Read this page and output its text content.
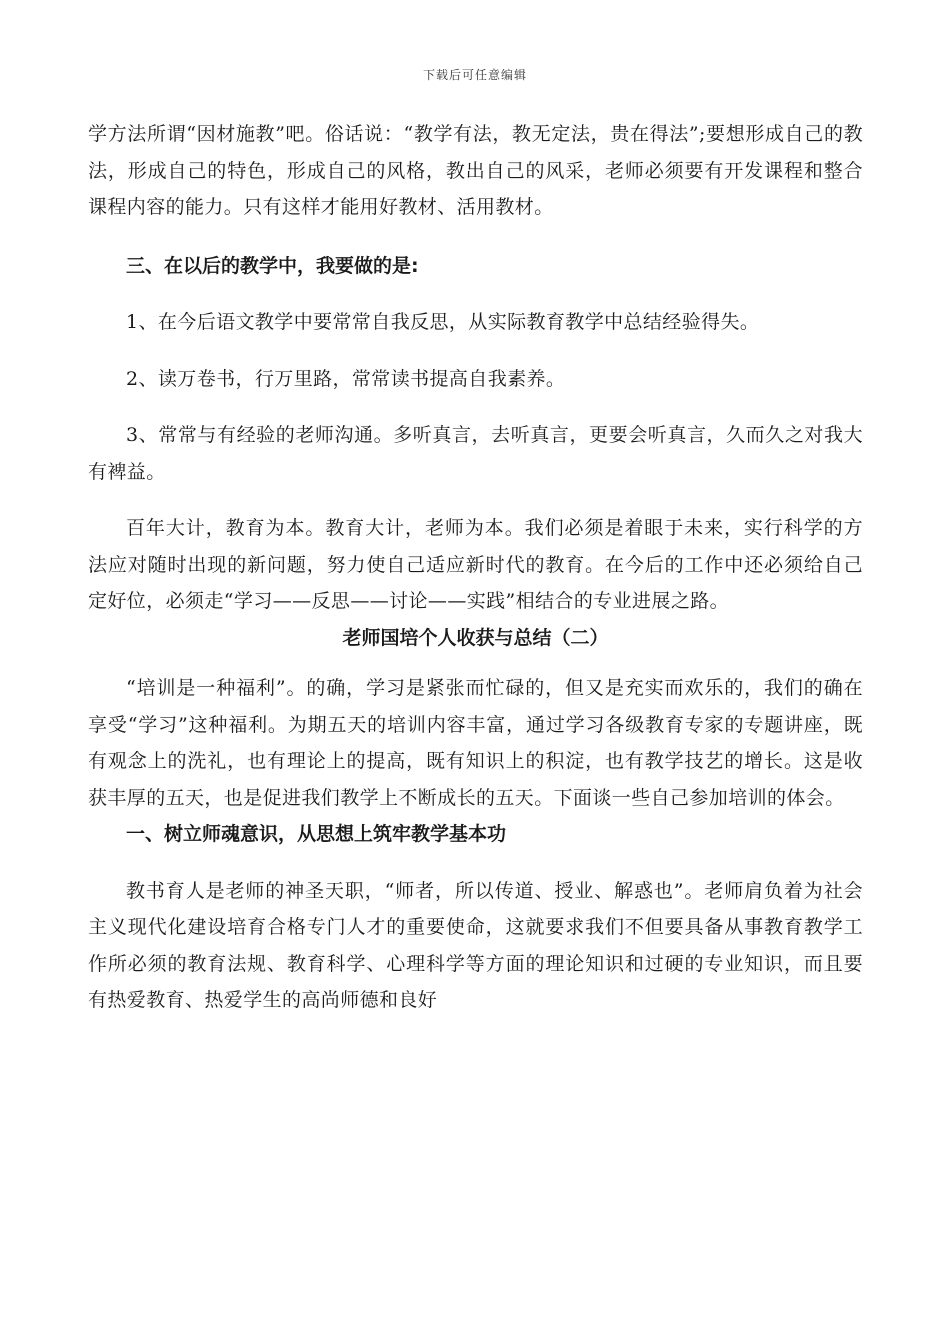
下载后可任意编辑

学方法所谓“因材施教”吧。俗话说：“教学有法，教无定法，贵在得法”;要想形成自己的教法，形成自己的特色，形成自己的风格，教出自己的风采，老师必须要有开发课程和整合课程内容的能力。只有这样才能用好教材、活用教材。

三、在以后的教学中，我要做的是:

1、在今后语文教学中要常常自我反思，从实际教育教学中总结经验得失。

2、读万卷书，行万里路，常常读书提高自我素养。

3、常常与有经验的老师沟通。多听真言，去听真言，更要会听真言，久而久之对我大有裨益。

百年大计，教育为本。教育大计，老师为本。我们必须是着眼于未来，实行科学的方法应对随时出现的新问题，努力使自己适应新时代的教育。在今后的工作中还必须给自己定好位，必须走“学习——反思——讨论——实践”相结合的专业进展之路。

老师国培个人收获与总结（二）

“培训是一种福利”。的确，学习是紧张而忙碌的，但又是充实而欢乐的，我们的确在享受“学习”这种福利。为期五天的培训内容丰富，通过学习各级教育专家的专题讲座，既有观念上的洗礼，也有理论上的提高，既有知识上的积淀，也有教学技艺的增长。这是收获丰厚的五天，也是促进我们教学上不断成长的五天。下面谈一些自己参加培训的体会。

一、树立师魂意识，从思想上筑牢教学基本功

教书育人是老师的神圣天职，“师者，所以传道、授业、解惑也”。老师肩负着为社会主义现代化建设培育合格专门人才的重要使命，这就要求我们不但要具备从事教育教学工作所必须的教育法规、教育科学、心理科学等方面的理论知识和过硬的专业知识，而且要有热爱教育、热爱学生的高尚师德和良好
